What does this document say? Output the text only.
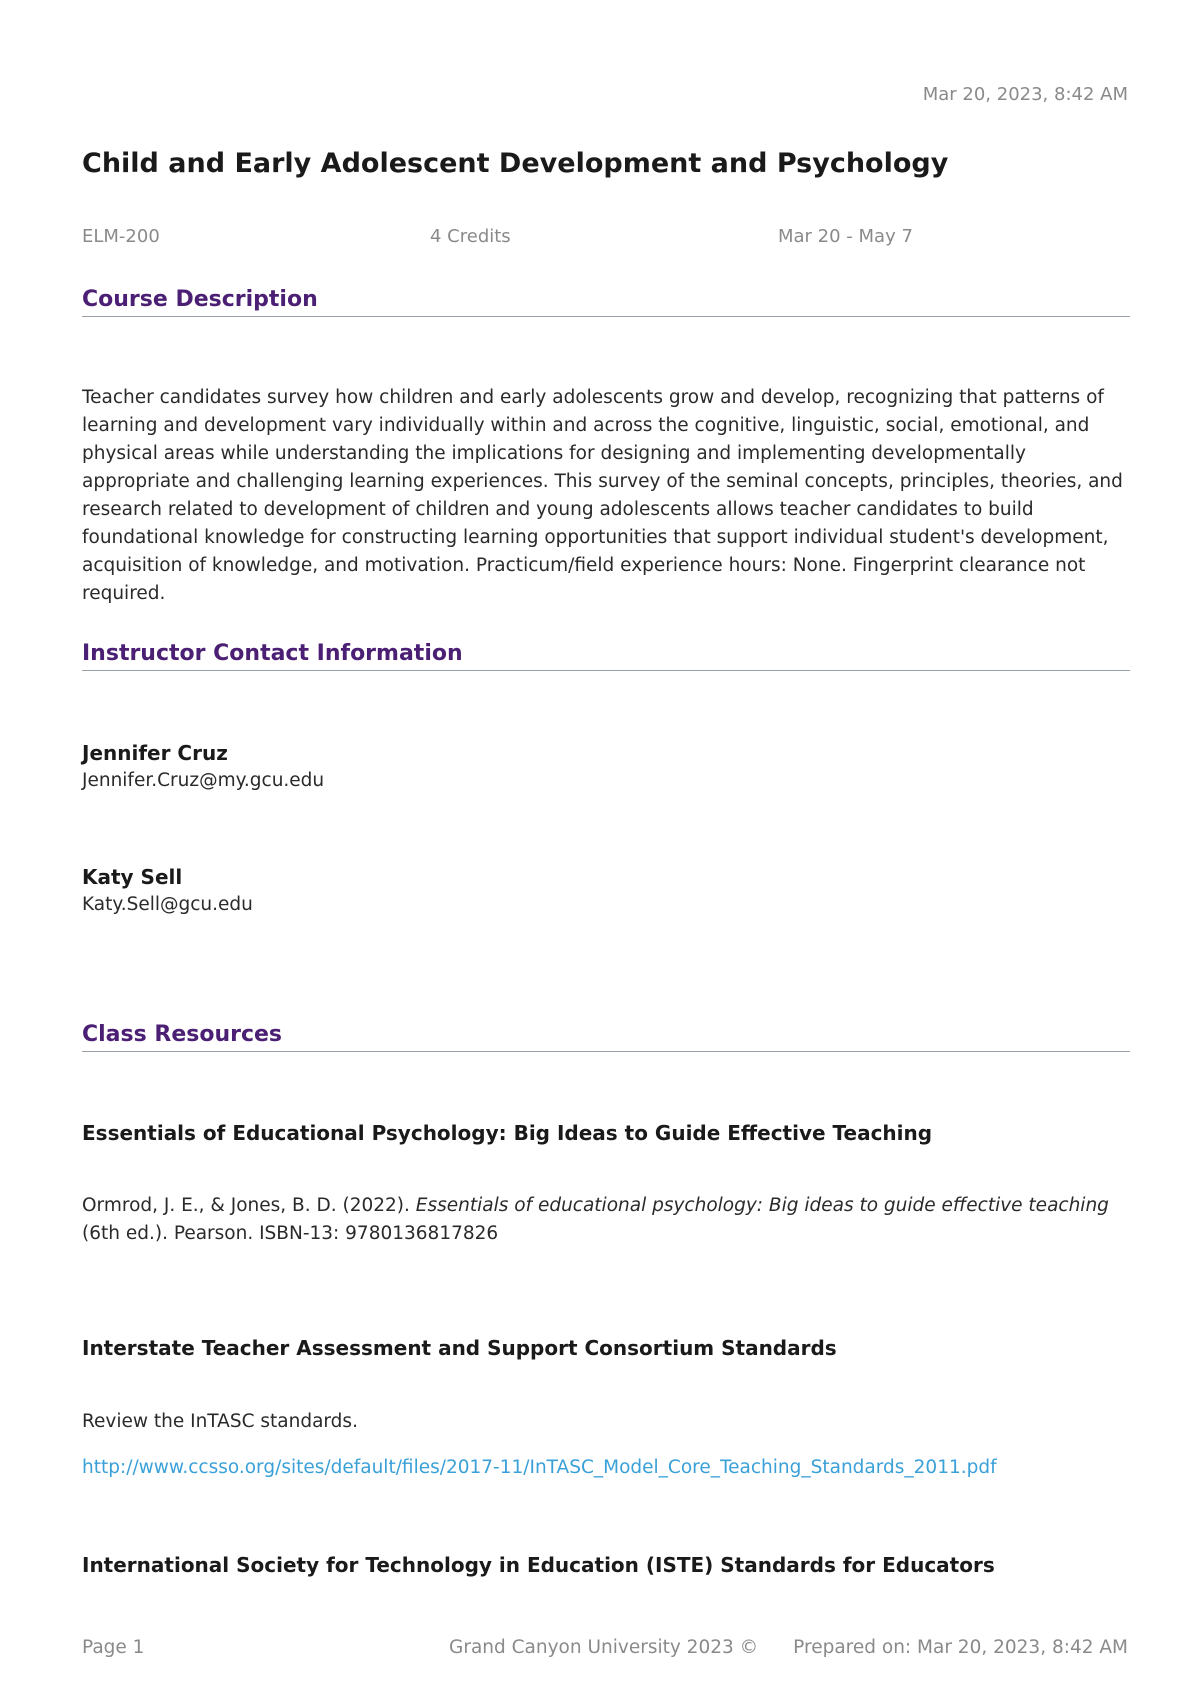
Mar 20, 2023, 8:42 AM
Child and Early Adolescent Development and Psychology
ELM-200	4 Credits	Mar 20 - May 7
Course Description
Teacher candidates survey how children and early adolescents grow and develop, recognizing that patterns of learning and development vary individually within and across the cognitive, linguistic, social, emotional, and physical areas while understanding the implications for designing and implementing developmentally appropriate and challenging learning experiences. This survey of the seminal concepts, principles, theories, and research related to development of children and young adolescents allows teacher candidates to build foundational knowledge for constructing learning opportunities that support individual student's development, acquisition of knowledge, and motivation. Practicum/field experience hours: None. Fingerprint clearance not required.
Instructor Contact Information
Jennifer Cruz
Jennifer.Cruz@my.gcu.edu
Katy Sell
Katy.Sell@gcu.edu
Class Resources
Essentials of Educational Psychology: Big Ideas to Guide Effective Teaching
Ormrod, J. E., & Jones, B. D. (2022). Essentials of educational psychology: Big ideas to guide effective teaching (6th ed.). Pearson. ISBN-13: 9780136817826
Interstate Teacher Assessment and Support Consortium Standards
Review the InTASC standards.
http://www.ccsso.org/sites/default/files/2017-11/InTASC_Model_Core_Teaching_Standards_2011.pdf
International Society for Technology in Education (ISTE) Standards for Educators
Page 1	Grand Canyon University 2023 © Prepared on: Mar 20, 2023, 8:42 AM
